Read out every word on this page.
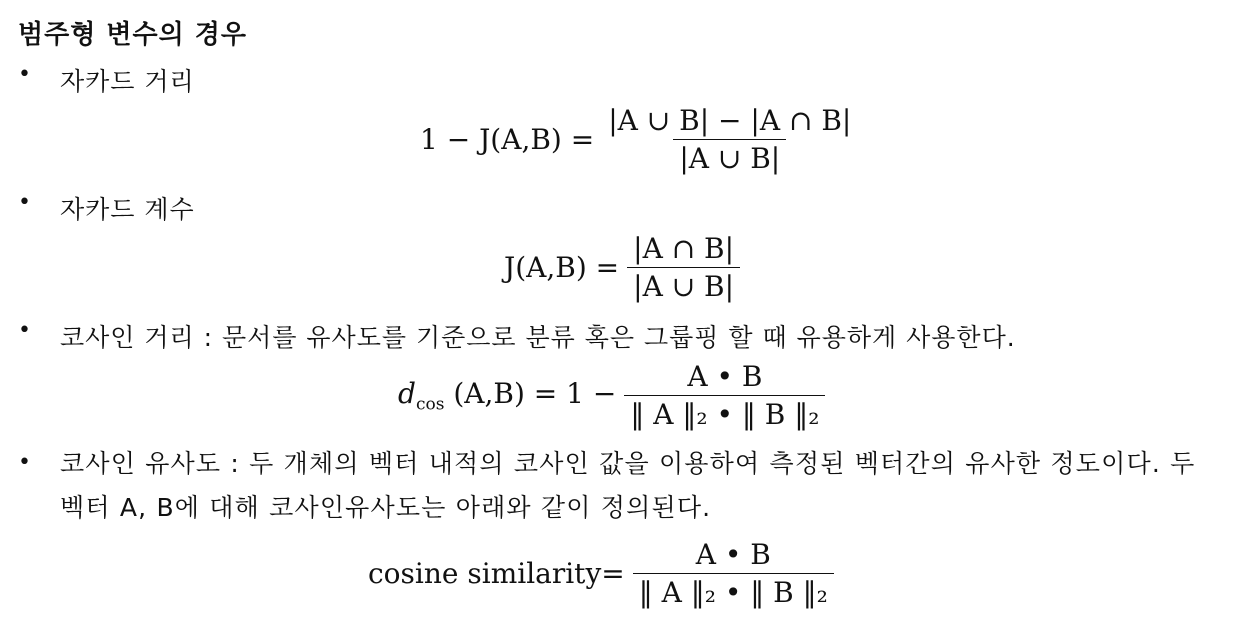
범주형 변수의 경우
•	자카드 거리
$1 - J(A,B) = \frac{|A \cup B| - |A \cap B|}{|A \cup B|}$
•	자카드 계수
$J(A,B) = \frac{|A \cap B|}{|A \cup B|}$
•	코사인 거리 : 문서를 유사도를 기준으로 분류 혹은 그룹핑 할 때 유용하게 사용한다.
$d_{cos}$ $(A,B) = 1 - \frac{A • B}{\text{‖ A ‖₂ • ‖ B ‖₂}}$
•	코사인 유사도 : 두 개체의 벡터 내적의 코사인 값을 이용하여 측정된 벡터간의 유사한 정도이다. 두 벡터 A, B에 대해 코사인유사도는 아래와 같이 정의된다.
cosine similarity= $\frac{A • B}{\text{‖ A ‖₂ • ‖ B ‖₂}}$
